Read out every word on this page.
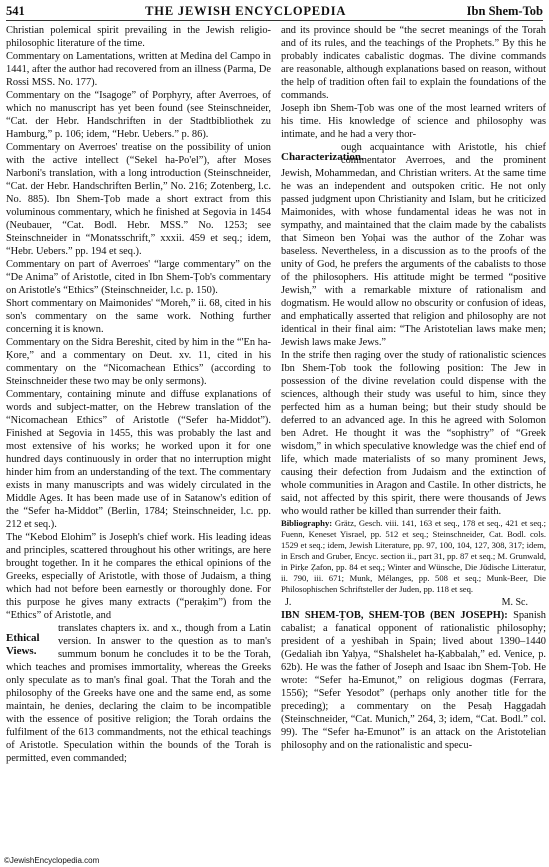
541	THE JEWISH ENCYCLOPEDIA	Ibn Shem-Tob

Christian polemical spirit prevailing in the Jewish religio-philosophic literature of the time.

Commentary on Lamentations, written at Medina del Campo in 1441, after the author had recovered from an illness (Parma, De Rossi MSS. No. 177).

Commentary on the “Isagoge” of Porphyry, after Averroes, of which no manuscript has yet been found (see Steinschneider, “Cat. der Hebr. Handschriften in der Stadtbibliothek zu Hamburg,” p. 106; idem, “Hebr. Uebers.” p. 86).

Commentary on Averroes' treatise on the possibility of union with the active intellect (“Sekel ha-Po'el”), after Moses Narboni's translation, with a long introduction (Steinschneider, “Cat. der Hebr. Handschriften Berlin,” No. 216; Zotenberg, l.c. No. 885). Ibn Shem-Ṭob made a short extract from this voluminous commentary, which he finished at Segovia in 1454 (Neubauer, “Cat. Bodl. Hebr. MSS.” No. 1253; see Steinschneider in “Monatsschrift,” xxxii. 459 et seq.; idem, “Hebr. Uebers.” pp. 194 et seq.).

Commentary on part of Averroes' “large commentary” on the “De Anima” of Aristotle, cited in Ibn Shem-Ṭob's commentary on Aristotle's “Ethics” (Steinschneider, l.c. p. 150).

Short commentary on Maimonides' “Moreh,” ii. 68, cited in his son's commentary on the same work. Nothing further concerning it is known.

Commentary on the Sidra Bereshit, cited by him in the “'En ha-Ḳore,” and a commentary on Deut. xv. 11, cited in his commentary on the “Nicomachean Ethics” (according to Steinschneider these two may be only sermons).

Commentary, containing minute and diffuse explanations of words and subject-matter, on the Hebrew translation of the “Nicomachean Ethics” of Aristotle (“Sefer ha-Middot”). Finished at Segovia in 1455, this was probably the last and most extensive of his works; he worked upon it for one hundred days continuously in order that no interruption might hinder him from an understanding of the text. The commentary exists in many manuscripts and was widely circulated in the Middle Ages. It has been made use of in Satanow's edition of the “Sefer ha-Middot” (Berlin, 1784; Steinschneider, l.c. pp. 212 et seq.).

The “Kebod Elohim” is Joseph's chief work. His leading ideas and principles, scattered throughout his other writings, are here brought together. In it he compares the ethical opinions of the Greeks, especially of Aristotle, with those of Judaism, a thing which had not before been earnestly or thoroughly done. For this purpose he gives many extracts (“peraḳim”) from the “Ethics” of Aristotle, and

Ethical Views.

translates chapters ix. and x., though from a Latin version. In answer to the question as to man's summum bonum he concludes it to be the Torah, which teaches and promises immortality, whereas the Greeks only speculate as to man's final goal. That the Torah and the philosophy of the Greeks have one and the same end, as some maintain, he denies, declaring the claim to be incompatible with the essence of positive religion; the Torah ordains the fulfilment of the 613 commandments, not the ethical teachings of Aristotle. Speculation within the bounds of the Torah is permitted, even commanded;

and its province should be “the secret meanings of the Torah and of its rules, and the teachings of the Prophets.” By this he probably indicates cabalistic dogmas. The divine commands are reasonable, although explanations based on reason, without the help of tradition often fail to explain the foundations of the commands.

Joseph ibn Shem-Ṭob was one of the most learned writers of his time. His knowledge of science and philosophy was intimate, and he had a very thor-

Characterization.

ough acquaintance with Aristotle, his chief commentator Averroes, and the prominent Jewish, Mohammedan, and Christian writers. At the same time he was an independent and outspoken critic. He not only passed judgment upon Christianity and Islam, but he criticized Maimonides, with whose fundamental ideas he was not in sympathy, and maintained that the claim made by the cabalists that Simeon ben Yoḥai was the author of the Zohar was baseless. Nevertheless, in a discussion as to the proofs of the unity of God, he prefers the arguments of the cabalists to those of the philosophers. His attitude might be termed “positive Jewish,” with a remarkable mixture of rationalism and dogmatism. He would allow no obscurity or confusion of ideas, and emphatically asserted that religion and philosophy are not identical in their final aim: “The Aristotelian laws make men; Jewish laws make Jews.”

In the strife then raging over the study of rationalistic sciences Ibn Shem-Ṭob took the following position: The Jew in possession of the divine revelation could dispense with the sciences, although their study was useful to him, since they perfected him as a human being; but their study should be deferred to an advanced age. In this he agreed with Solomon ben Adret. He thought it was the “sophistry” of “Greek wisdom,” in which speculative knowledge was the chief end of life, which made materialists of so many prominent Jews, causing their defection from Judaism and the extinction of whole communities in Aragon and Castile. In other districts, he said, not affected by this spirit, there were thousands of Jews who would rather be killed than surrender their faith.

Bibliography: Grätz, Gesch. viii. 141, 163 et seq., 178 et seq., 421 et seq.; Fuenn, Keneset Yisrael, pp. 512 et seq.; Steinschneider, Cat. Bodl. cols. 1529 et seq.; idem, Jewish Literature, pp. 97, 100, 104, 127, 308, 317; idem, in Ersch and Gruber, Encyc. section ii., part 31, pp. 87 et seq.; M. Grunwald, in Pirḳe Ẓafon, pp. 84 et seq.; Winter and Wünsche, Die Jüdische Litteratur, ii. 790, iii. 671; Munk, Mélanges, pp. 508 et seq.; Munk-Beer, Die Philosophischen Schriftsteller der Juden, pp. 118 et seq.

J.	M. Sc.

IBN SHEM-ṬOB, SHEM-ṬOB (BEN JOSEPH): Spanish cabalist; a fanatical opponent of rationalistic philosophy; president of a yeshibah in Spain; lived about 1390–1440 (Gedaliah ibn Yaḥya, “Shalshelet ha-Ḳabbalah,” ed. Venice, p. 62b). He was the father of Joseph and Isaac ibn Shem-Ṭob. He wrote: “Sefer ha-Emunot,” on religious dogmas (Ferrara, 1556); “Sefer Yesodot” (perhaps only another title for the preceding); a commentary on the Pesaḥ Haggadah (Steinschneider, “Cat. Munich,” 264, 3; idem, “Cat. Bodl.” col. 99). The “Sefer ha-Emunot” is an attack on the Aristotelian philosophy and on the rationalistic and specu-

©JewishEncyclopedia.com
